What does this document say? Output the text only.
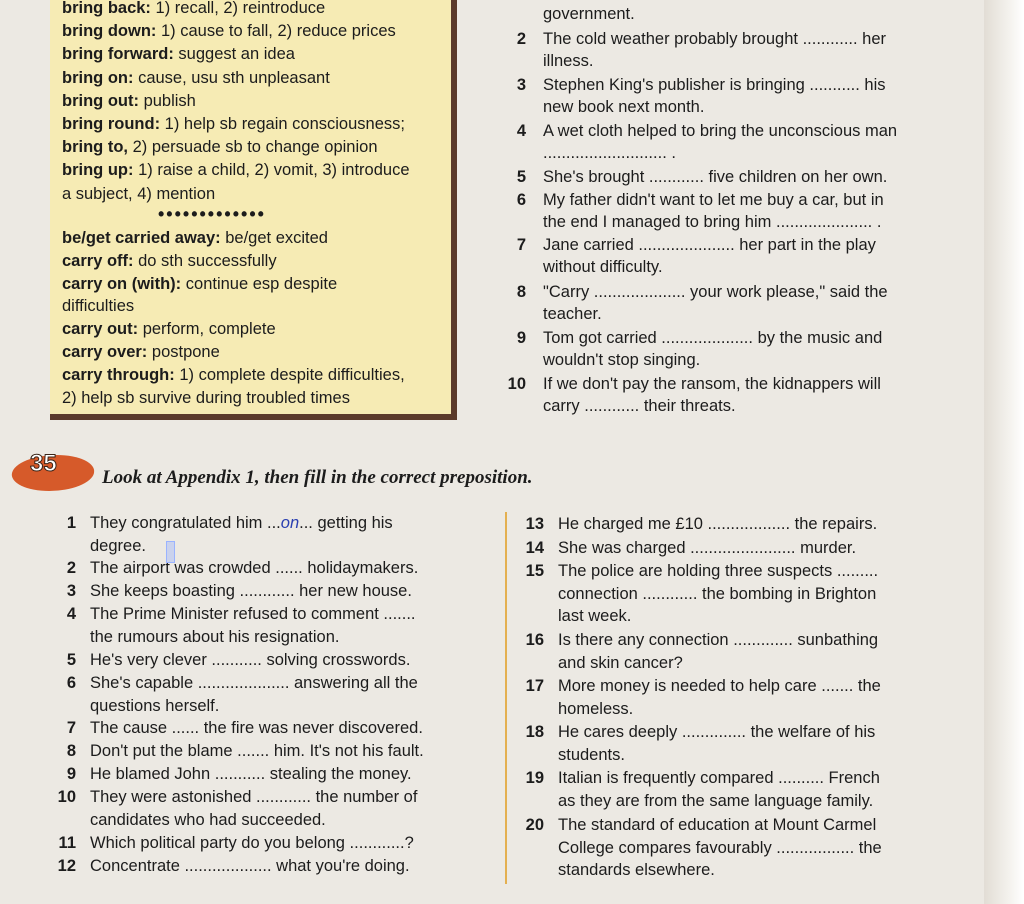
bring back: 1) recall, 2) reintroduce
bring down: 1) cause to fall, 2) reduce prices
bring forward: suggest an idea
bring on: cause, usu sth unpleasant
bring out: publish
bring round: 1) help sb regain consciousness;
bring to, 2) persuade sb to change opinion
bring up: 1) raise a child, 2) vomit, 3) introduce
a subject, 4) mention
be/get carried away: be/get excited
carry off: do sth successfully
carry on (with): continue esp despite
difficulties
carry out: perform, complete
carry over: postpone
carry through: 1) complete despite difficulties,
2) help sb survive during troubled times
•••••••••••••
government.
2 The cold weather probably brought ............ her
illness.
3 Stephen King's publisher is bringing ........... his
new book next month.
4 A wet cloth helped to bring the unconscious man
........................... .
5 She's brought ............ five children on her own.
6 My father didn't want to let me buy a car, but in
the end I managed to bring him ..................... .
7 Jane carried ..................... her part in the play
without difficulty.
8 "Carry .................... your work please," said the
teacher.
9 Tom got carried .................... by the music and
wouldn't stop singing.
10 If we don't pay the ransom, the kidnappers will
carry ............ their threats.
35
Look at Appendix 1, then fill in the correct preposition.
1 They congratulated him ...on... getting his
degree.
2 The airport was crowded ...... holidaymakers.
3 She keeps boasting ............ her new house.
4 The Prime Minister refused to comment .......
the rumours about his resignation.
5 He's very clever ........... solving crosswords.
6 She's capable .................... answering all the
questions herself.
7 The cause ...... the fire was never discovered.
8 Don't put the blame ....... him. It's not his fault.
9 He blamed John ........... stealing the money.
10 They were astonished ............ the number of
candidates who had succeeded.
11 Which political party do you belong ............?
12 Concentrate ................... what you're doing.
13 He charged me £10 .................. the repairs.
14 She was charged ....................... murder.
15 The police are holding three suspects .........
connection ............ the bombing in Brighton
last week.
16 Is there any connection ............. sunbathing
and skin cancer?
17 More money is needed to help care ....... the
homeless.
18 He cares deeply .............. the welfare of his
students.
19 Italian is frequently compared .......... French
as they are from the same language family.
20 The standard of education at Mount Carmel
College compares favourably ................. the
standards elsewhere.
